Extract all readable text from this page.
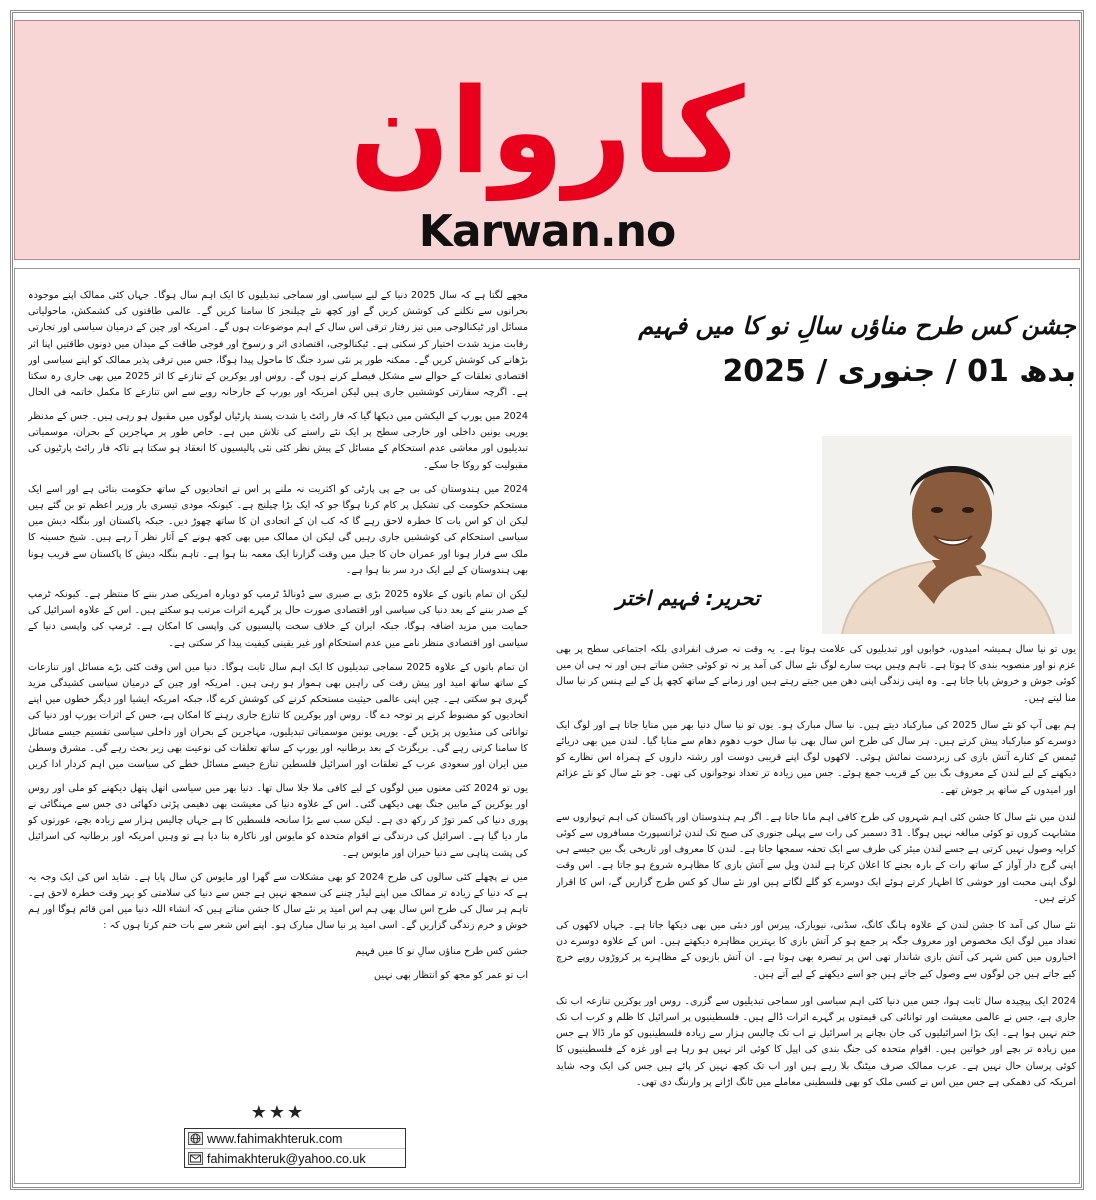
کاروان
Karwan.no
جشن کس طرح مناؤں سالِ نو کا میں فہیم
بدھ 01 / جنوری / 2025
تحریر: فہیم اختر

یوں تو نیا سال ہمیشہ امیدوں، خوابوں اور تبدیلیوں کی علامت ہوتا ہے۔ یہ وقت نہ صرف انفرادی بلکہ اجتماعی سطح پر بھی عزم نو اور منصوبہ بندی کا ہوتا ہے۔ تاہم وہیں بہت سارے لوگ نئے سال کی آمد پر نہ تو کوئی جشن مناتے ہیں اور نہ ہی ان میں کوئی جوش و خروش پایا جاتا ہے۔ وہ اپنی زندگی اپنی دھن میں جیتے رہتے ہیں اور زمانے کے ساتھ کچھ پل کے لیے ہنس کر نیا سال منا لیتے ہیں۔

ہم بھی آپ کو نئے سال 2025 کی مبارکباد دیتے ہیں۔ نیا سال مبارک ہو۔ یوں تو نیا سال دنیا بھر میں منایا جاتا ہے اور لوگ ایک دوسرے کو مبارکباد پیش کرتے ہیں۔ ہر سال کی طرح اس سال بھی نیا سال خوب دھوم دھام سے منایا گیا۔ لندن میں بھی دریائے ٹیمس کے کنارے آتش بازی کی زبردست نمائش ہوئی۔ لاکھوں لوگ اپنے قریبی دوست اور رشتہ داروں کے ہمراہ اس نظارے کو دیکھنے کے لیے لندن کے معروف بگ بین کے قریب جمع ہوئے۔ جس میں زیادہ تر تعداد نوجوانوں کی تھی۔ جو نئے سال کو نئے عزائم اور امیدوں کے ساتھ پر جوش تھے۔

لندن میں نئے سال کا جشن کئی اہم شہروں کی طرح کافی اہم مانا جاتا ہے۔ اگر ہم ہندوستان اور پاکستان کی اہم تہواروں سے مشابہت کروں تو کوئی مبالغہ نہیں ہوگا۔ 31 دسمبر کی رات سے پہلی جنوری کی صبح تک لندن ٹرانسپورٹ مسافروں سے کوئی کرایہ وصول نہیں کرتی ہے جسے لندن میئر کی طرف سے ایک تحفہ سمجھا جاتا ہے۔ لندن کا معروف اور تاریخی بگ بین جیسے ہی اپنی گرج دار آواز کے ساتھ رات کے بارہ بجنے کا اعلان کرتا ہے لندن ویل سے آتش بازی کا مظاہرہ شروع ہو جاتا ہے۔ اس وقت لوگ اپنی محبت اور خوشی کا اظہار کرتے ہوئے ایک دوسرے کو گلے لگاتے ہیں اور نئے سال کو کس طرح گزاریں گے، اس کا اقرار کرتے ہیں۔

نئے سال کی آمد کا جشن لندن کے علاوہ ہانگ کانگ، سڈنی، نیویارک، پیرس اور دبئی میں بھی دیکھا جاتا ہے۔ جہاں لاکھوں کی تعداد میں لوگ ایک مخصوص اور معروف جگہ پر جمع ہو کر آتش بازی کا بہترین مظاہرہ دیکھتے ہیں۔ اس کے علاوہ دوسرے دن اخباروں میں کس شہر کی آتش بازی شاندار تھی اس پر تبصرہ بھی ہوتا ہے۔ ان آتش بازیوں کے مظاہرے پر کروڑوں روپے خرچ کیے جاتے ہیں جن لوگوں سے وصول کیے جاتے ہیں جو اسے دیکھنے کے لیے آتے ہیں۔

2024 ایک پیچیدہ سال ثابت ہوا، جس میں دنیا کئی اہم سیاسی اور سماجی تبدیلیوں سے گزری۔ روس اور یوکرین تنازعہ اب تک جاری ہے، جس نے عالمی معیشت اور توانائی کی قیمتوں پر گہرے اثرات ڈالے ہیں۔ فلسطینیوں پر اسرائیل کا ظلم و کرب اب تک ختم نہیں ہوا ہے۔ ایک بڑا اسرائیلیوں کی جان بچانے پر اسرائیل نے اب تک چالیس ہزار سے زیادہ فلسطینیوں کو مار ڈالا ہے جس میں زیادہ تر بچے اور خواتین ہیں۔ اقوام متحدہ کی جنگ بندی کی اپیل کا کوئی اثر نہیں ہو رہا ہے اور غزہ کے فلسطینیوں کا کوئی پرسان حال نہیں ہے۔ عرب ممالک صرف میٹنگ بلا رہے ہیں اور اب تک کچھ نہیں کر پائے ہیں جس کی ایک وجہ شاید امریکہ کی دھمکی ہے جس میں اس نے کسی ملک کو بھی فلسطینی معاملے میں ٹانگ اڑانے پر وارننگ دی تھی۔

مجھے لگتا ہے کہ سال 2025 دنیا کے لیے سیاسی اور سماجی تبدیلیوں کا ایک اہم سال ہوگا۔ جہاں کئی ممالک اپنے موجودہ بحرانوں سے نکلنے کی کوشش کریں گے اور کچھ نئے چیلنجز کا سامنا کریں گے۔ عالمی طاقتوں کی کشمکش، ماحولیاتی مسائل اور ٹیکنالوجی میں تیز رفتار ترقی اس سال کے اہم موضوعات ہوں گے۔ امریکہ اور چین کے درمیان سیاسی اور تجارتی رقابت مزید شدت اختیار کر سکتی ہے۔ ٹیکنالوجی، اقتصادی اثر و رسوخ اور فوجی طاقت کے میدان میں دونوں طاقتیں اپنا اثر بڑھانے کی کوشش کریں گے۔ ممکنہ طور پر نئی سرد جنگ کا ماحول پیدا ہوگا، جس میں ترقی پذیر ممالک کو اپنے سیاسی اور اقتصادی تعلقات کے حوالے سے مشکل فیصلے کرنے ہوں گے۔ روس اور یوکرین کے تنازعے کا اثر 2025 میں بھی جاری رہ سکتا ہے۔ اگرچہ سفارتی کوششیں جاری ہیں لیکن امریکہ اور یورپ کے جارحانہ رویے سے اس تنازعے کا مکمل خاتمہ فی الحال

2024 میں یورپ کے الیکشن میں دیکھا گیا کہ فار رائٹ یا شدت پسند پارٹیاں لوگوں میں مقبول ہو رہی ہیں۔ جس کے مدنظر یورپی یونین داخلی اور خارجی سطح پر ایک نئے راستے کی تلاش میں ہے۔ خاص طور پر مہاجرین کے بحران، موسمیاتی تبدیلیوں اور معاشی عدم استحکام کے مسائل کے پیش نظر کئی نئی پالیسیوں کا انعقاد ہو سکتا ہے تاکہ فار رائٹ پارٹیوں کی مقبولیت کو روکا جا سکے۔

2024 میں ہندوستان کی بی جے پی پارٹی کو اکثریت نہ ملنے پر اس نے اتحادیوں کے ساتھ حکومت بنائی ہے اور اسے ایک مستحکم حکومت کی تشکیل پر کام کرنا ہوگا جو کہ ایک بڑا چیلنج ہے۔ کیونکہ مودی تیسری بار وزیر اعظم تو بن گئے ہیں لیکن ان کو اس بات کا خطرہ لاحق رہے گا کہ کب ان کے اتحادی ان کا ساتھ چھوڑ دیں۔ جبکہ پاکستان اور بنگلہ دیش میں سیاسی استحکام کی کوششیں جاری رہیں گی لیکن ان ممالک میں بھی کچھ ہونے کے آثار نظر آ رہے ہیں۔ شیخ حسینہ کا ملک سے فرار ہونا اور عمران خان کا جیل میں وقت گزارنا ایک معمہ بنا ہوا ہے۔ تاہم بنگلہ دیش کا پاکستان سے قریب ہونا بھی ہندوستان کے لیے ایک درد سر بنا ہوا ہے۔

لیکن ان تمام باتوں کے علاوہ 2025 بڑی بے صبری سے ڈونالڈ ٹرمپ کو دوبارہ امریکی صدر بننے کا منتظر ہے۔ کیونکہ ٹرمپ کے صدر بننے کے بعد دنیا کی سیاسی اور اقتصادی صورت حال پر گہرے اثرات مرتب ہو سکتے ہیں۔ اس کے علاوہ اسرائیل کی حمایت میں مزید اضافہ ہوگا، جبکہ ایران کے خلاف سخت پالیسیوں کی واپسی کا امکان ہے۔ ٹرمپ کی واپسی دنیا کے سیاسی اور اقتصادی منظر نامے میں عدم استحکام اور غیر یقینی کیفیت پیدا کر سکتی ہے۔

ان تمام باتوں کے علاوہ 2025 سماجی تبدیلیوں کا ایک اہم سال ثابت ہوگا۔ دنیا میں اس وقت کئی بڑے مسائل اور تنازعات کے ساتھ ساتھ امید اور پیش رفت کی راہیں بھی ہموار ہو رہی ہیں۔ امریکہ اور چین کے درمیان سیاسی کشیدگی مزید گہری ہو سکتی ہے۔ چین اپنی عالمی حیثیت مستحکم کرنے کی کوشش کرے گا، جبکہ امریکہ ایشیا اور دیگر خطوں میں اپنے اتحادیوں کو مضبوط کرنے پر توجہ دے گا۔ روس اور یوکرین کا تنازع جاری رہنے کا امکان ہے، جس کے اثرات یورپ اور دنیا کی توانائی کی منڈیوں پر پڑیں گے۔ یورپی یونین موسمیاتی تبدیلیوں، مہاجرین کے بحران اور داخلی سیاسی تقسیم جیسے مسائل کا سامنا کرتی رہے گی۔ بریگزٹ کے بعد برطانیہ اور یورپ کے ساتھ تعلقات کی نوعیت بھی زیر بحث رہے گی۔ مشرق وسطیٰ میں ایران اور سعودی عرب کے تعلقات اور اسرائیل فلسطین تنازع جیسے مسائل خطے کی سیاست میں اہم کردار ادا کریں

یوں تو 2024 کئی معنوں میں لوگوں کے لیے کافی ملا جلا سال تھا۔ دنیا بھر میں سیاسی اتھل پتھل دیکھنے کو ملی اور روس اور یوکرین کے مابین جنگ بھی دیکھی گئی۔ اس کے علاوہ دنیا کی معیشت بھی دھیمی پڑتی دکھائی دی جس سے مہنگائی نے پوری دنیا کی کمر توڑ کر رکھ دی ہے۔ لیکن سب سے بڑا سانحہ فلسطین کا ہے جہاں چالیس ہزار سے زیادہ بچے، عورتوں کو مار دیا گیا ہے۔ اسرائیل کی درندگی نے اقوام متحدہ کو مایوس اور ناکارہ بنا دیا ہے تو وہیں امریکہ اور برطانیہ کی اسرائیل کی پشت پناہی سے دنیا حیران اور مایوس ہے۔

میں نے پچھلے کئی سالوں کی طرح 2024 کو بھی مشکلات سے گھرا اور مایوس کن سال پایا ہے۔ شاید اس کی ایک وجہ یہ ہے کہ دنیا کے زیادہ تر ممالک میں اپنے لیڈر چننے کی سمجھ نہیں ہے جس سے دنیا کی سلامتی کو بہر وقت خطرہ لاحق ہے۔ تاہم ہر سال کی طرح اس سال بھی ہم اس امید پر نئے سال کا جشن مناتے ہیں کہ انشاء اللہ دنیا میں امن قائم ہوگا اور ہم خوش و خرم زندگی گزاریں گے۔ اسی امید پر نیا سال مبارک ہو۔ اپنے اس شعر سے بات ختم کرتا ہوں کہ :

جشن کس طرح مناؤں سالِ نو کا میں فہیم
اب تو عمر کو مجھ کو انتظار بھی نہیں
★★★
www.fahimakhteruk.com
fahimakhteruk@yahoo.co.uk
